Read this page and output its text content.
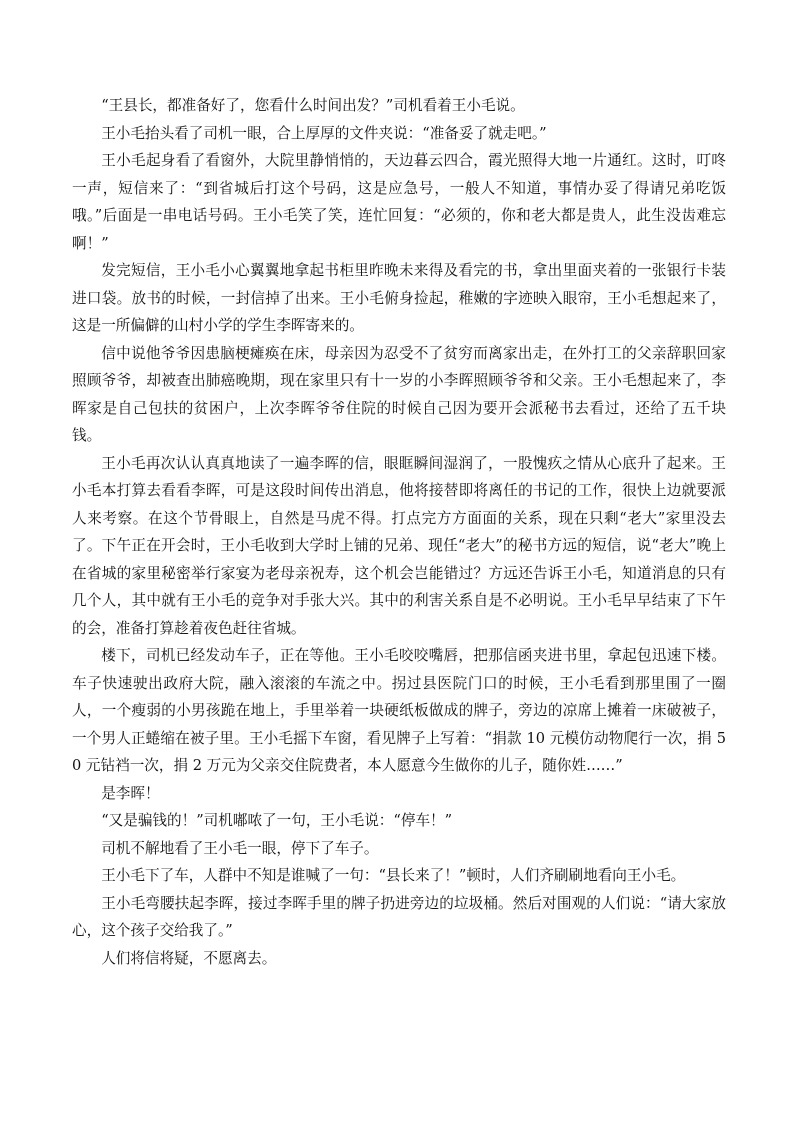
“王县长，都准备好了，您看什么时间出发？”司机看着王小毛说。

王小毛抬头看了司机一眼，合上厚厚的文件夹说：“准备妥了就走吧。”

王小毛起身看了看窗外，大院里静悄悄的，天边暮云四合，霞光照得大地一片通红。这时，叮咚一声，短信来了：“到省城后打这个号码，这是应急号，一般人不知道，事情办妥了得请兄弟吃饭哦。”后面是一串电话号码。王小毛笑了笑，连忙回复：“必须的，你和老大都是贵人，此生没齿难忘啊！”

发完短信，王小毛小心翼翼地拿起书柜里昨晚未来得及看完的书，拿出里面夹着的一张银行卡装进口袋。放书的时候，一封信掉了出来。王小毛俯身捡起，稚嫩的字迹映入眼帘，王小毛想起来了，这是一所偏僻的山村小学的学生李晖寄来的。

信中说他爷爷因患脑梗瘫痪在床，母亲因为忍受不了贫穷而离家出走，在外打工的父亲辞职回家照顾爷爷，却被查出肺癌晚期，现在家里只有十一岁的小李晖照顾爷爷和父亲。王小毛想起来了，李晖家是自己包扶的贫困户，上次李晖爷爷住院的时候自己因为要开会派秘书去看过，还给了五千块钱。

王小毛再次认认真真地读了一遍李晖的信，眼眶瞬间湿润了，一股愧疚之情从心底升了起来。王小毛本打算去看看李晖，可是这段时间传出消息，他将接替即将离任的书记的工作，很快上边就要派人来考察。在这个节骨眼上，自然是马虎不得。打点完方方面面的关系，现在只剩“老大”家里没去了。下午正在开会时，王小毛收到大学时上铺的兄弟、现任“老大”的秘书方远的短信，说“老大”晚上在省城的家里秘密举行家宴为老母亲祝寿，这个机会岂能错过？方远还告诉王小毛，知道消息的只有几个人，其中就有王小毛的竞争对手张大兴。其中的利害关系自是不必明说。王小毛早早结束了下午的会，准备打算趁着夜色赶往省城。

楼下，司机已经发动车子，正在等他。王小毛咬咬嘴唇，把那信函夹进书里，拿起包迅速下楼。车子快速驶出政府大院，融入滚滚的车流之中。拐过县医院门口的时候，王小毛看到那里围了一圈人，一个瘦弱的小男孩跪在地上，手里举着一块硬纸板做成的牌子，旁边的凉席上摊着一床破被子，一个男人正蜷缩在被子里。王小毛摇下车窗，看见牌子上写着：“捐款 10 元模仿动物爬行一次，捐 50 元钻裆一次，捐 2 万元为父亲交住院费者，本人愿意今生做你的儿子，随你姓……”

是李晖！

“又是骗钱的！”司机嘟哝了一句，王小毛说：“停车！”

司机不解地看了王小毛一眼，停下了车子。

王小毛下了车，人群中不知是谁喊了一句：“县长来了！”顿时，人们齐刷刷地看向王小毛。

王小毛弯腰扶起李晖，接过李晖手里的牌子扔进旁边的垃圾桶。然后对围观的人们说：“请大家放心，这个孩子交给我了。”

人们将信将疑，不愿离去。
